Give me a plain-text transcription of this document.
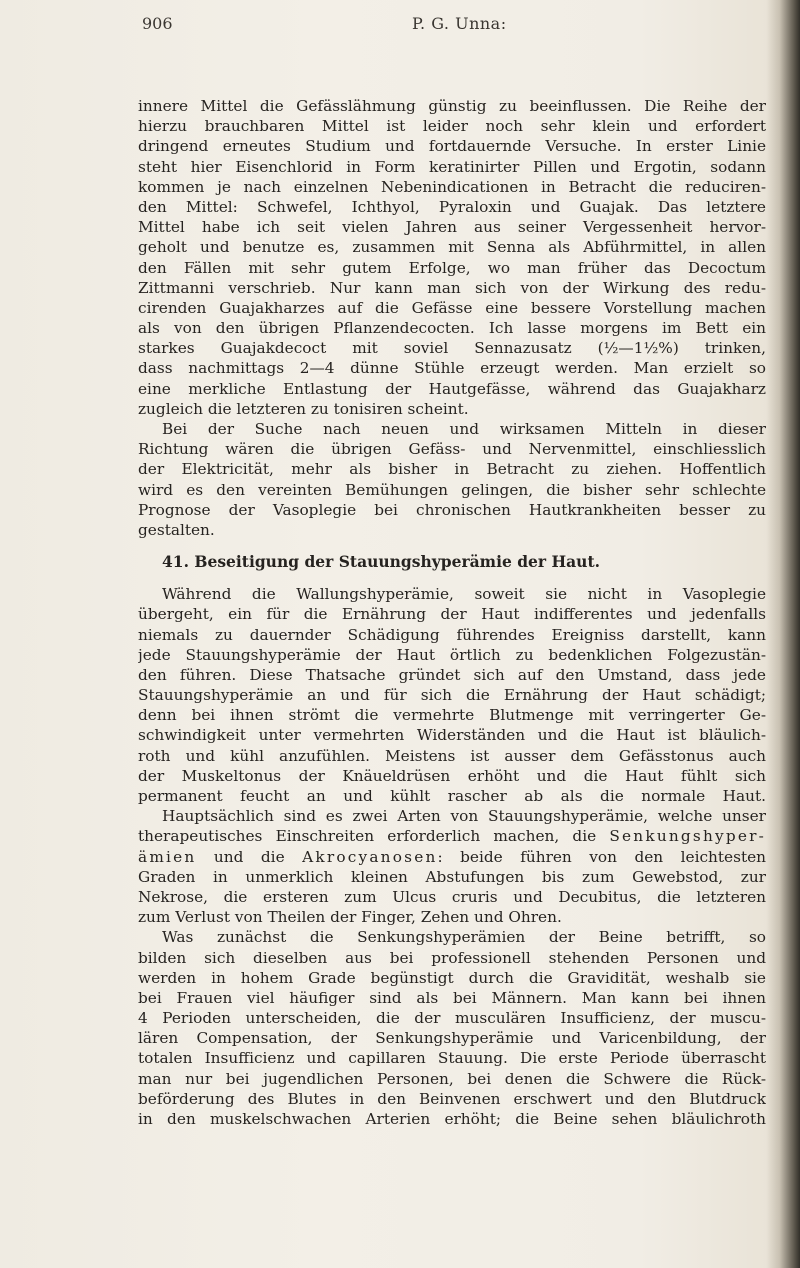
906	P. G. Unna:
innere Mittel die Gefässlähmung günstig zu beeinflussen. Die Reihe der
hierzu brauchbaren Mittel ist leider noch sehr klein und erfordert
dringend erneutes Studium und fortdauernde Versuche. In erster Linie
steht hier Eisenchlorid in Form keratinirter Pillen und Ergotin, sodann
kommen je nach einzelnen Nebenindicationen in Betracht die reduciren-
den Mittel: Schwefel, Ichthyol, Pyraloxin und Guajak. Das letztere
Mittel habe ich seit vielen Jahren aus seiner Vergessenheit hervor-
geholt und benutze es, zusammen mit Senna als Abführmittel, in allen
den Fällen mit sehr gutem Erfolge, wo man früher das Decoctum
Zittmanni verschrieb. Nur kann man sich von der Wirkung des redu-
cirenden Guajakharzes auf die Gefässe eine bessere Vorstellung machen
als von den übrigen Pflanzendecocten. Ich lasse morgens im Bett ein
starkes Guajakdecoct mit soviel Sennazusatz (½—1½%) trinken,
dass nachmittags 2—4 dünne Stühle erzeugt werden. Man erzielt so
eine merkliche Entlastung der Hautgefässe, während das Guajakharz
zugleich die letzteren zu tonisiren scheint.
Bei der Suche nach neuen und wirksamen Mitteln in dieser
Richtung wären die übrigen Gefäss- und Nervenmittel, einschliesslich
der Elektricität, mehr als bisher in Betracht zu ziehen. Hoffentlich
wird es den vereinten Bemühungen gelingen, die bisher sehr schlechte
Prognose der Vasoplegie bei chronischen Hautkrankheiten besser zu
gestalten.
41. Beseitigung der Stauungshyperämie der Haut.
Während die Wallungshyperämie, soweit sie nicht in Vasoplegie
übergeht, ein für die Ernährung der Haut indifferentes und jedenfalls
niemals zu dauernder Schädigung führendes Ereigniss darstellt, kann
jede Stauungshyperämie der Haut örtlich zu bedenklichen Folgezustän-
den führen. Diese Thatsache gründet sich auf den Umstand, dass jede
Stauungshyperämie an und für sich die Ernährung der Haut schädigt;
denn bei ihnen strömt die vermehrte Blutmenge mit verringerter Ge-
schwindigkeit unter vermehrten Widerständen und die Haut ist bläulich-
roth und kühl anzufühlen. Meistens ist ausser dem Gefässtonus auch
der Muskeltonus der Knäueldrüsen erhöht und die Haut fühlt sich
permanent feucht an und kühlt rascher ab als die normale Haut.
Hauptsächlich sind es zwei Arten von Stauungshyperämie, welche unser
therapeutisches Einschreiten erforderlich machen, die Senkungshyper-
ämien und die Akrocyanosen: beide führen von den leichtesten
Graden in unmerklich kleinen Abstufungen bis zum Gewebstod, zur
Nekrose, die ersteren zum Ulcus cruris und Decubitus, die letzteren
zum Verlust von Theilen der Finger, Zehen und Ohren.
Was zunächst die Senkungshyperämien der Beine betrifft, so
bilden sich dieselben aus bei professionell stehenden Personen und
werden in hohem Grade begünstigt durch die Gravidität, weshalb sie
bei Frauen viel häufiger sind als bei Männern. Man kann bei ihnen
4 Perioden unterscheiden, die der musculären Insufficienz, der muscu-
lären Compensation, der Senkungshyperämie und Varicenbildung, der
totalen Insufficienz und capillaren Stauung. Die erste Periode überrascht
man nur bei jugendlichen Personen, bei denen die Schwere die Rück-
beförderung des Blutes in den Beinvenen erschwert und den Blutdruck
in den muskelschwachen Arterien erhöht; die Beine sehen bläulichroth
